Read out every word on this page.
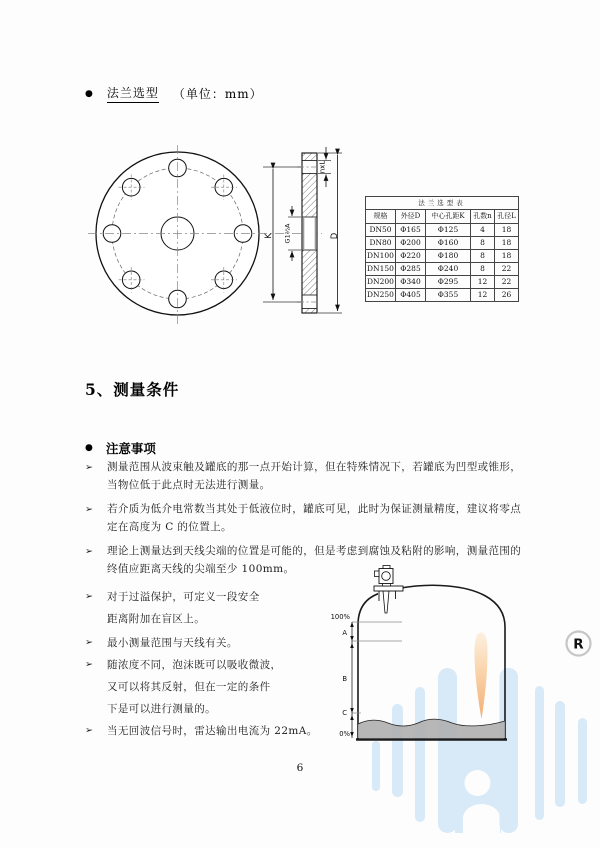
R
● 法兰选型 （单位：mm）
K	D
nxL
G1½A
法兰选型表				
规格	外径D	中心孔距K	孔数n	孔径L
DN50	Φ165	Φ125	4	18
DN80	Φ200	Φ160	8	18
DN100	Φ220	Φ180	8	18
DN150	Φ285	Φ240	8	22
DN200	Φ340	Φ295	12	22
DN250	Φ405	Φ355	12	26
5、测量条件
● 注意事项
➢	测量范围从波束触及罐底的那一点开始计算，但在特殊情况下，若罐底为凹型或锥形，
当物位低于此点时无法进行测量。
➢	若介质为低介电常数当其处于低液位时，罐底可见，此时为保证测量精度，建议将零点
定在高度为 C 的位置上。
➢	理论上测量达到天线尖端的位置是可能的，但是考虑到腐蚀及粘附的影响，测量范围的
终值应距离天线的尖端至少 100mm。
➢	对于过溢保护，可定义一段安全
距离附加在盲区上。
➢	最小测量范围与天线有关。
➢	随浓度不同，泡沫既可以吸收微波，
又可以将其反射，但在一定的条件
下是可以进行测量的。
➢	当无回波信号时，雷达输出电流为 22mA。
100%
A
B
C
0%
6
